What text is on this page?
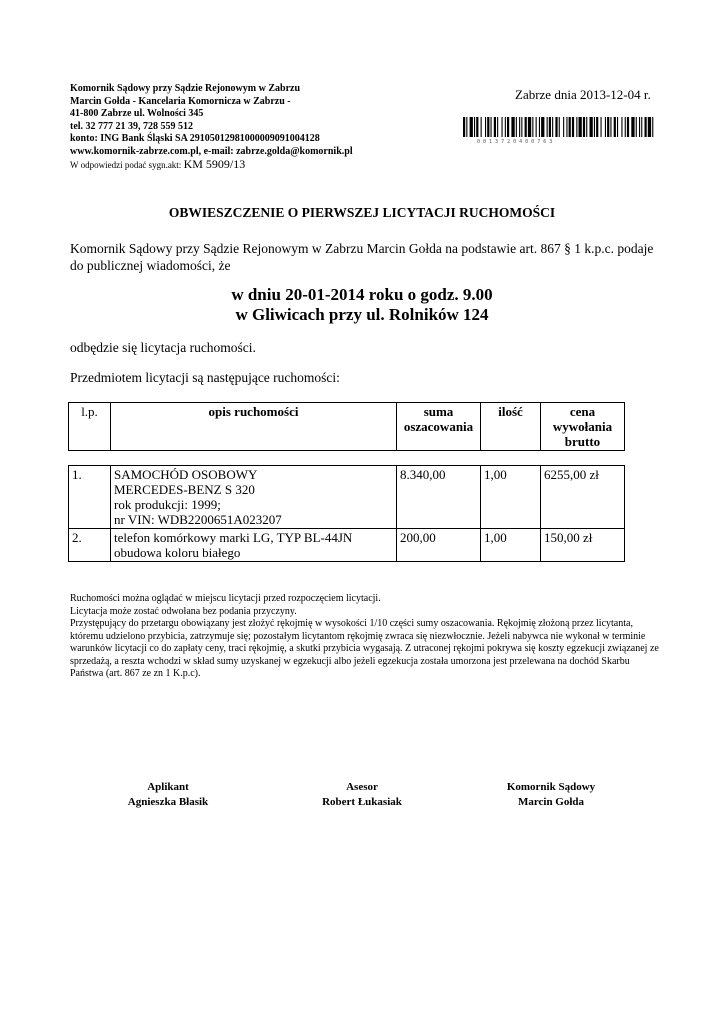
Komornik Sądowy przy Sądzie Rejonowym w Zabrzu
Marcin Gołda - Kancelaria Komornicza w Zabrzu -
41-800 Zabrze ul. Wolności 345
tel. 32 777 21 39, 728 559 512
konto: ING Bank Śląski SA 29105012981000009091004128
www.komornik-zabrze.com.pl, e-mail: zabrze.golda@komornik.pl
W odpowiedzi podać sygn.akt: KM 5909/13
Zabrze dnia 2013-12-04 r.
0 0 1 3 7 2 0 4 0 0 7 6 3
OBWIESZCZENIE O PIERWSZEJ LICYTACJI RUCHOMOŚCI
Komornik Sądowy przy Sądzie Rejonowym w Zabrzu Marcin Gołda na podstawie art. 867 § 1 k.p.c. podaje do publicznej wiadomości, że
w dniu 20-01-2014 roku o godz. 9.00
w Gliwicach przy ul. Rolników 124
odbędzie się licytacja ruchomości.
Przedmiotem licytacji są następujące ruchomości:
l.p.	opis ruchomości	suma oszacowania	ilość	cena wywołania brutto
1.	SAMOCHÓD OSOBOWY
MERCEDES-BENZ S 320
rok produkcji: 1999;
nr VIN: WDB2200651A023207	8.340,00	1,00	6255,00 zł
2.	telefon komórkowy marki LG, TYP BL-44JN
obudowa koloru białego	200,00	1,00	150,00 zł
Ruchomości można oglądać w miejscu licytacji przed rozpoczęciem licytacji.
Licytacja może zostać odwołana bez podania przyczyny.
Przystępujący do przetargu obowiązany jest złożyć rękojmię w wysokości 1/10 części sumy oszacowania. Rękojmię złożoną przez licytanta, któremu udzielono przybicia, zatrzymuje się; pozostałym licytantom rękojmię zwraca się niezwłocznie. Jeżeli nabywca nie wykonał w terminie warunków licytacji co do zapłaty ceny, traci rękojmię, a skutki przybicia wygasają. Z utraconej rękojmi pokrywa się koszty egzekucji związanej ze sprzedażą, a reszta wchodzi w skład sumy uzyskanej w egzekucji albo jeżeli egzekucja została umorzona jest przelewana na dochód Skarbu Państwa (art. 867 ze zn 1 K.p.c).
Aplikant
Agnieszka Błasik
Asesor
Robert Łukasiak
Komornik Sądowy
Marcin Gołda
